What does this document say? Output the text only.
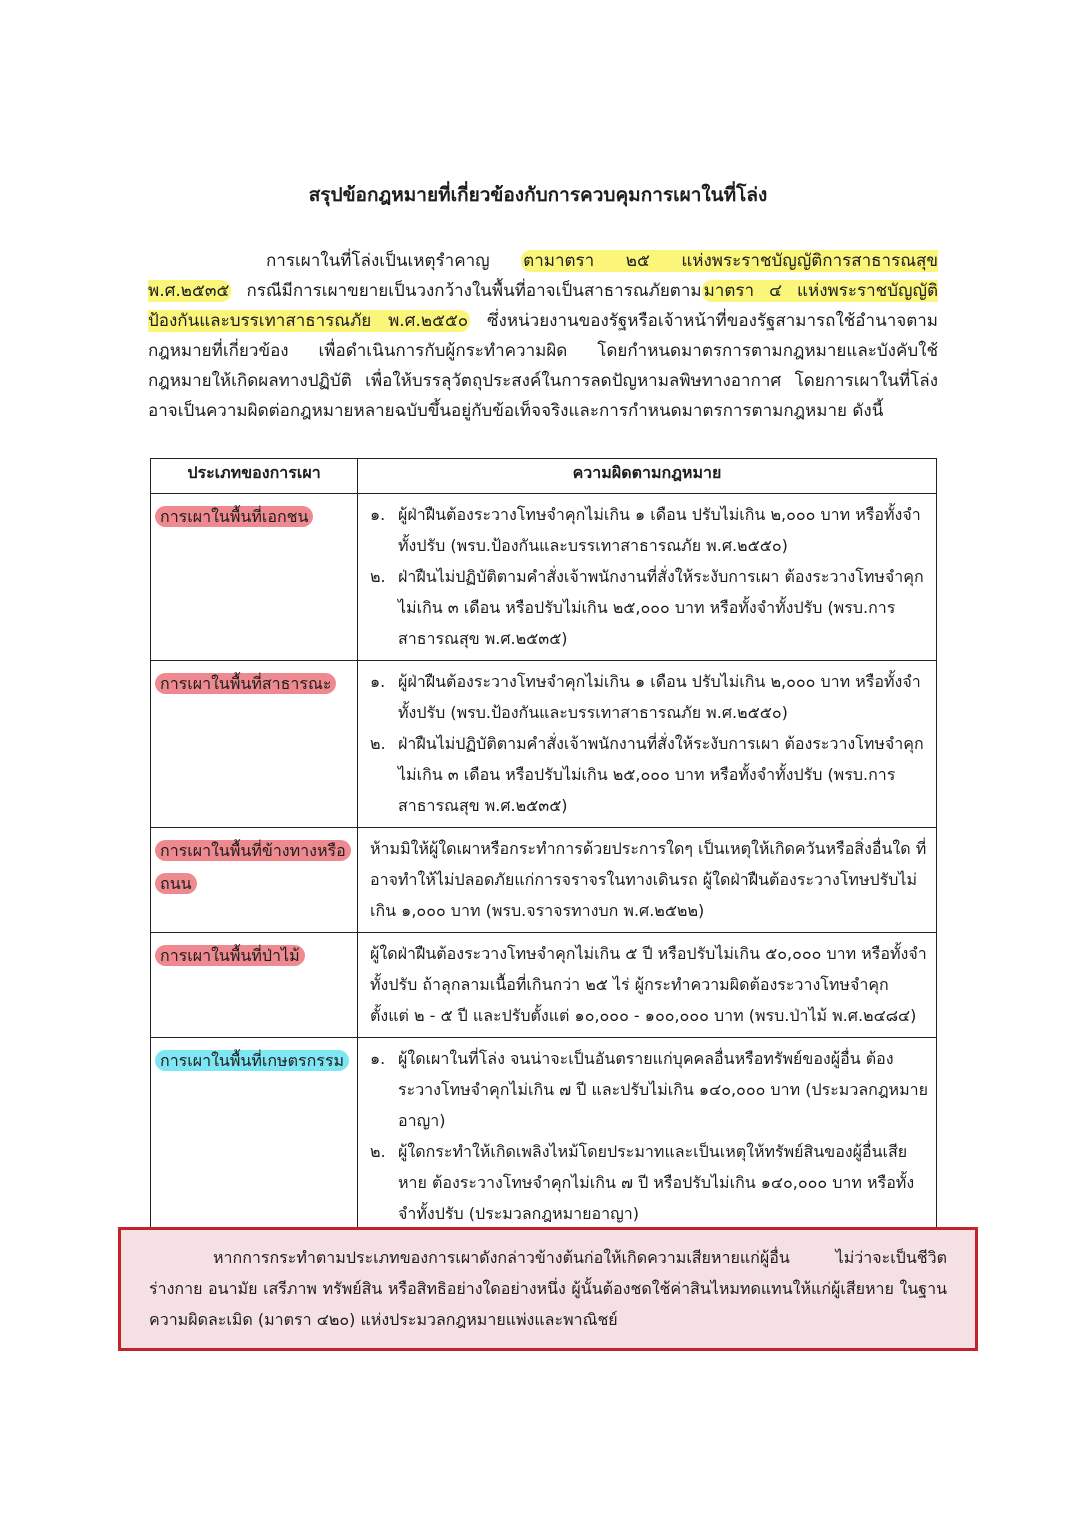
สรุปข้อกฎหมายที่เกี่ยวข้องกับการควบคุมการเผาในที่โล่ง
การเผาในที่โล่งเป็นเหตุรำคาญ ตามาตรา ๒๕ แห่งพระราชบัญญัติการสาธารณสุข พ.ศ.๒๕๓๕ กรณีมีการเผาขยายเป็นวงกว้างในพื้นที่อาจเป็นสาธารณภัยตาม มาตรา ๔ แห่งพระราชบัญญัติป้องกันและบรรเทาสาธารณภัย พ.ศ.๒๕๕๐ ซึ่งหน่วยงานของรัฐหรือเจ้าหน้าที่ของรัฐสามารถใช้อำนาจตามกฎหมายที่เกี่ยวข้อง เพื่อดำเนินการกับผู้กระทำความผิด โดยกำหนดมาตรการตามกฎหมายและบังคับใช้กฎหมายให้เกิดผลทางปฏิบัติ เพื่อให้บรรลุวัตถุประสงค์ในการลดปัญหามลพิษทางอากาศ โดยการเผาในที่โล่งอาจเป็นความผิดต่อกฎหมายหลายฉบับขึ้นอยู่กับข้อเท็จจริงและการกำหนดมาตรการตามกฎหมาย ดังนี้
ประเภทของการเผา	ความผิดตามกฎหมาย
การเผาในพื้นที่เอกชน	๑. ผู้ฝ่าฝืนต้องระวางโทษจำคุกไม่เกิน ๑ เดือน ปรับไม่เกิน ๒,๐๐๐ บาท หรือทั้งจำทั้งปรับ (พรบ.ป้องกันและบรรเทาสาธารณภัย พ.ศ.๒๕๕๐)
๒. ฝ่าฝืนไม่ปฏิบัติตามคำสั่งเจ้าพนักงานที่สั่งให้ระงับการเผา ต้องระวางโทษจำคุกไม่เกิน ๓ เดือน หรือปรับไม่เกิน ๒๕,๐๐๐ บาท หรือทั้งจำทั้งปรับ (พรบ.การสาธารณสุข พ.ศ.๒๕๓๕)

การเผาในพื้นที่สาธารณะ	๑. ผู้ฝ่าฝืนต้องระวางโทษจำคุกไม่เกิน ๑ เดือน ปรับไม่เกิน ๒,๐๐๐ บาท หรือทั้งจำทั้งปรับ (พรบ.ป้องกันและบรรเทาสาธารณภัย พ.ศ.๒๕๕๐)
๒. ฝ่าฝืนไม่ปฏิบัติตามคำสั่งเจ้าพนักงานที่สั่งให้ระงับการเผา ต้องระวางโทษจำคุกไม่เกิน ๓ เดือน หรือปรับไม่เกิน ๒๕,๐๐๐ บาท หรือทั้งจำทั้งปรับ (พรบ.การสาธารณสุข พ.ศ.๒๕๓๕)

การเผาในพื้นที่ข้างทางหรือถนน	ห้ามมิให้ผู้ใดเผาหรือกระทำการด้วยประการใดๆ เป็นเหตุให้เกิดควันหรือสิ่งอื่นใด ที่อาจทำให้ไม่ปลอดภัยแก่การจราจรในทางเดินรถ ผู้ใดฝ่าฝืนต้องระวางโทษปรับไม่เกิน ๑,๐๐๐ บาท (พรบ.จราจรทางบก พ.ศ.๒๕๒๒)

การเผาในพื้นที่ป่าไม้	ผู้ใดฝ่าฝืนต้องระวางโทษจำคุกไม่เกิน ๕ ปี หรือปรับไม่เกิน ๕๐,๐๐๐ บาท หรือทั้งจำทั้งปรับ ถ้าลุกลามเนื้อที่เกินกว่า ๒๕ ไร่ ผู้กระทำความผิดต้องระวางโทษจำคุก ตั้งแต่ ๒ - ๕ ปี และปรับตั้งแต่ ๑๐,๐๐๐ - ๑๐๐,๐๐๐ บาท (พรบ.ป่าไม้ พ.ศ.๒๔๘๔)

การเผาในพื้นที่เกษตรกรรม	๑. ผู้ใดเผาในที่โล่ง จนน่าจะเป็นอันตรายแก่บุคคลอื่นหรือทรัพย์ของผู้อื่น ต้องระวางโทษจำคุกไม่เกิน ๗ ปี และปรับไม่เกิน ๑๔๐,๐๐๐ บาท (ประมวลกฎหมายอาญา)
๒. ผู้ใดกระทำให้เกิดเพลิงไหม้โดยประมาทและเป็นเหตุให้ทรัพย์สินของผู้อื่นเสียหาย ต้องระวางโทษจำคุกไม่เกิน ๗ ปี หรือปรับไม่เกิน ๑๔๐,๐๐๐ บาท หรือทั้งจำทั้งปรับ (ประมวลกฎหมายอาญา)
หากการกระทำตามประเภทของการเผาดังกล่าวข้างต้นก่อให้เกิดความเสียหายแก่ผู้อื่น ไม่ว่าจะเป็นชีวิต ร่างกาย อนามัย เสรีภาพ ทรัพย์สิน หรือสิทธิอย่างใดอย่างหนึ่ง ผู้นั้นต้องชดใช้ค่าสินไหมทดแทนให้แก่ผู้เสียหาย ในฐานความผิดละเมิด (มาตรา ๔๒๐) แห่งประมวลกฎหมายแพ่งและพาณิชย์
